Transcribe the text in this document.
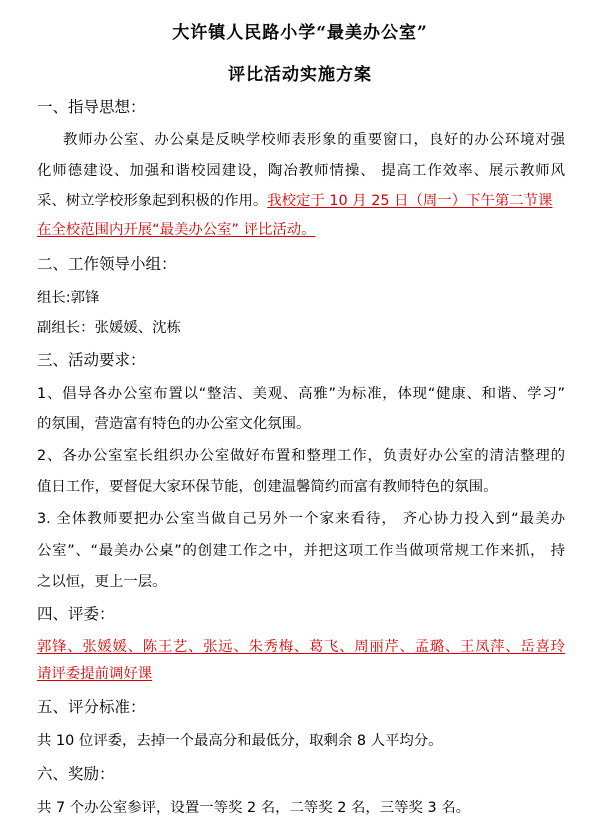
大许镇人民路小学“最美办公室”
评比活动实施方案
一、指导思想：
教师办公室、办公桌是反映学校师表形象的重要窗口，良好的办公环境对强
化师德建设、加强和谐校园建设，陶冶教师情操、 提高工作效率、展示教师风
采、树立学校形象起到积极的作用。我校定于 10 月 25 日（周一）下午第二节课
在全校范围内开展“最美办公室” 评比活动。
二、工作领导小组：
组长:郭锋
副组长：张媛媛、沈栋
三、活动要求：
1、倡导各办公室布置以“整洁、美观、高雅”为标准，体现“健康、和谐、学习”
的氛围，营造富有特色的办公室文化氛围。
2、各办公室室长组织办公室做好布置和整理工作，负责好办公室的清洁整理的
值日工作，要督促大家环保节能，创建温馨简约而富有教师特色的氛围。
3. 全体教师要把办公室当做自己另外一个家来看待， 齐心协力投入到“最美办
公室”、“最美办公桌”的创建工作之中，并把这项工作当做项常规工作来抓， 持
之以恒，更上一层。
四、评委：
郭锋、张媛媛、陈王艺、张远、朱秀梅、葛飞、周丽芹、孟璐、王凤萍、岳喜玲
请评委提前调好课
五、评分标准：
共 10 位评委，去掉一个最高分和最低分，取剩余 8 人平均分。
六、奖励：
共 7 个办公室参评，设置一等奖 2 名，二等奖 2 名，三等奖 3 名。
